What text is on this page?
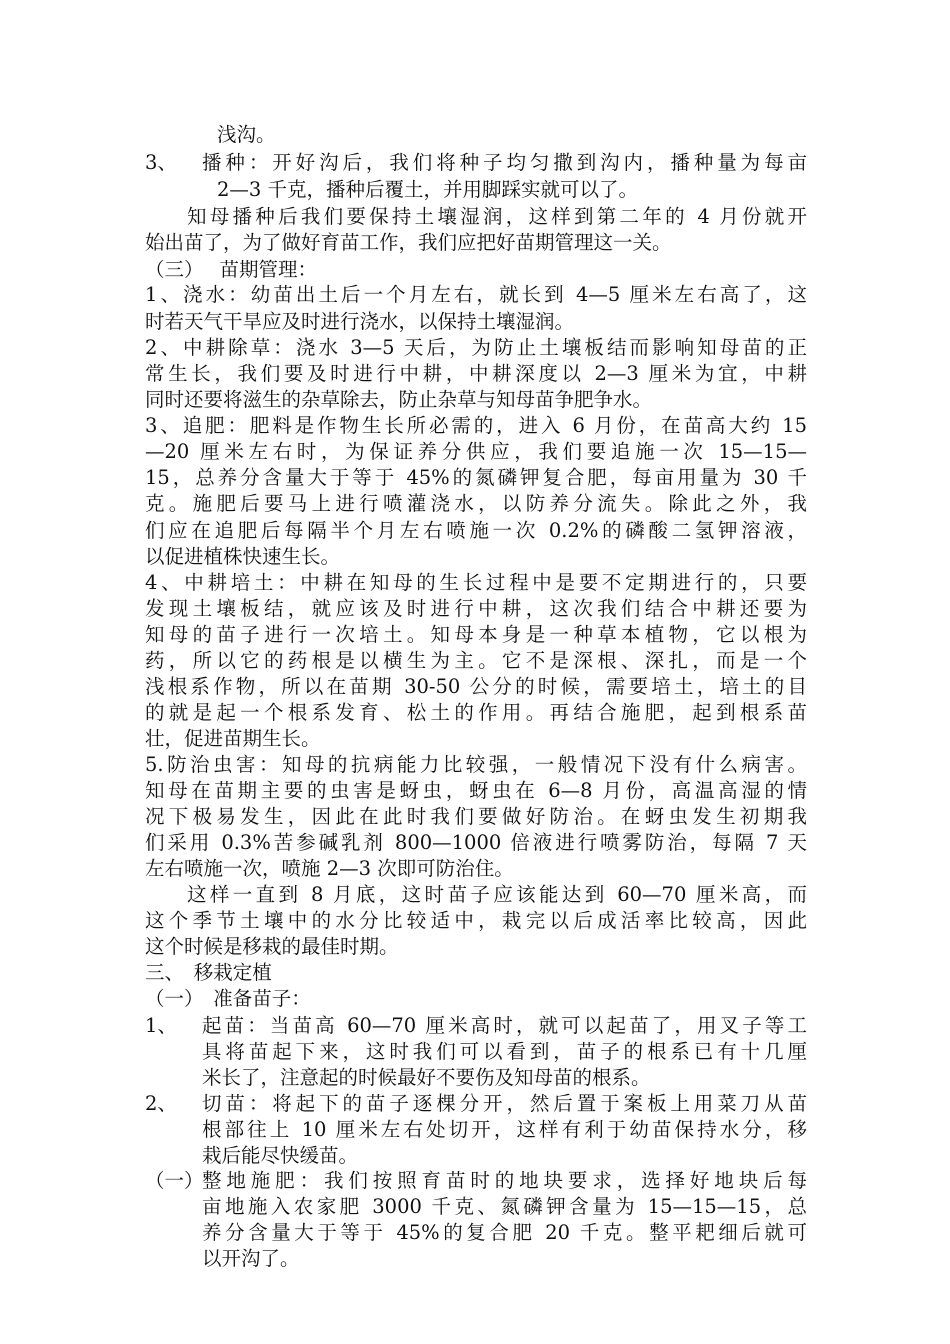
浅沟。
3、 播种：开好沟后，我们将种子均匀撒到沟内，播种量为每亩
2—3 千克，播种后覆土，并用脚踩实就可以了。
知母播种后我们要保持土壤湿润，这样到第二年的 4 月份就开
始出苗了，为了做好育苗工作，我们应把好苗期管理这一关。
（三）　 苗期管理：
1、浇水：幼苗出土后一个月左右，就长到 4—5 厘米左右高了，这
时若天气干旱应及时进行浇水，以保持土壤湿润。
2、中耕除草：浇水 3—5 天后，为防止土壤板结而影响知母苗的正
常生长，我们要及时进行中耕，中耕深度以 2—3 厘米为宜，中耕
同时还要将滋生的杂草除去，防止杂草与知母苗争肥争水。
3、追肥：肥料是作物生长所必需的，进入 6 月份，在苗高大约 15
—20 厘米左右时，为保证养分供应，我们要追施一次 15—15—
15，总养分含量大于等于 45%的氮磷钾复合肥，每亩用量为 30 千
克。施肥后要马上进行喷灌浇水，以防养分流失。除此之外，我
们应在追肥后每隔半个月左右喷施一次 0.2%的磷酸二氢钾溶液，
以促进植株快速生长。
4、中耕培土：中耕在知母的生长过程中是要不定期进行的，只要
发现土壤板结，就应该及时进行中耕，这次我们结合中耕还要为
知母的苗子进行一次培土。知母本身是一种草本植物，它以根为
药，所以它的药根是以横生为主。它不是深根、深扎，而是一个
浅根系作物，所以在苗期 30-50 公分的时候，需要培土，培土的目
的就是起一个根系发育、松土的作用。再结合施肥，起到根系苗
壮，促进苗期生长。
5.防治虫害：知母的抗病能力比较强，一般情况下没有什么病害。
知母在苗期主要的虫害是蚜虫，蚜虫在 6—8 月份，高温高湿的情
况下极易发生，因此在此时我们要做好防治。在蚜虫发生初期我
们采用 0.3%苦参碱乳剂 800—1000 倍液进行喷雾防治，每隔 7 天
左右喷施一次，喷施 2—3 次即可防治住。
这样一直到 8 月底，这时苗子应该能达到 60—70 厘米高，而
这个季节土壤中的水分比较适中，栽完以后成活率比较高，因此
这个时候是移栽的最佳时期。
三、　移栽定植
（一）　准备苗子：
1、 起苗：当苗高 60—70 厘米高时，就可以起苗了，用叉子等工
具将苗起下来，这时我们可以看到，苗子的根系已有十几厘
米长了，注意起的时候最好不要伤及知母苗的根系。
2、 切苗：将起下的苗子逐棵分开，然后置于案板上用菜刀从苗
根部往上 10 厘米左右处切开，这样有利于幼苗保持水分，移
栽后能尽快缓苗。
（一）
整地施肥：我们按照育苗时的地块要求，选择好地块后每
亩地施入农家肥 3000 千克、氮磷钾含量为 15—15—15，总
养分含量大于等于 45%的复合肥 20 千克。整平耙细后就可
以开沟了。
